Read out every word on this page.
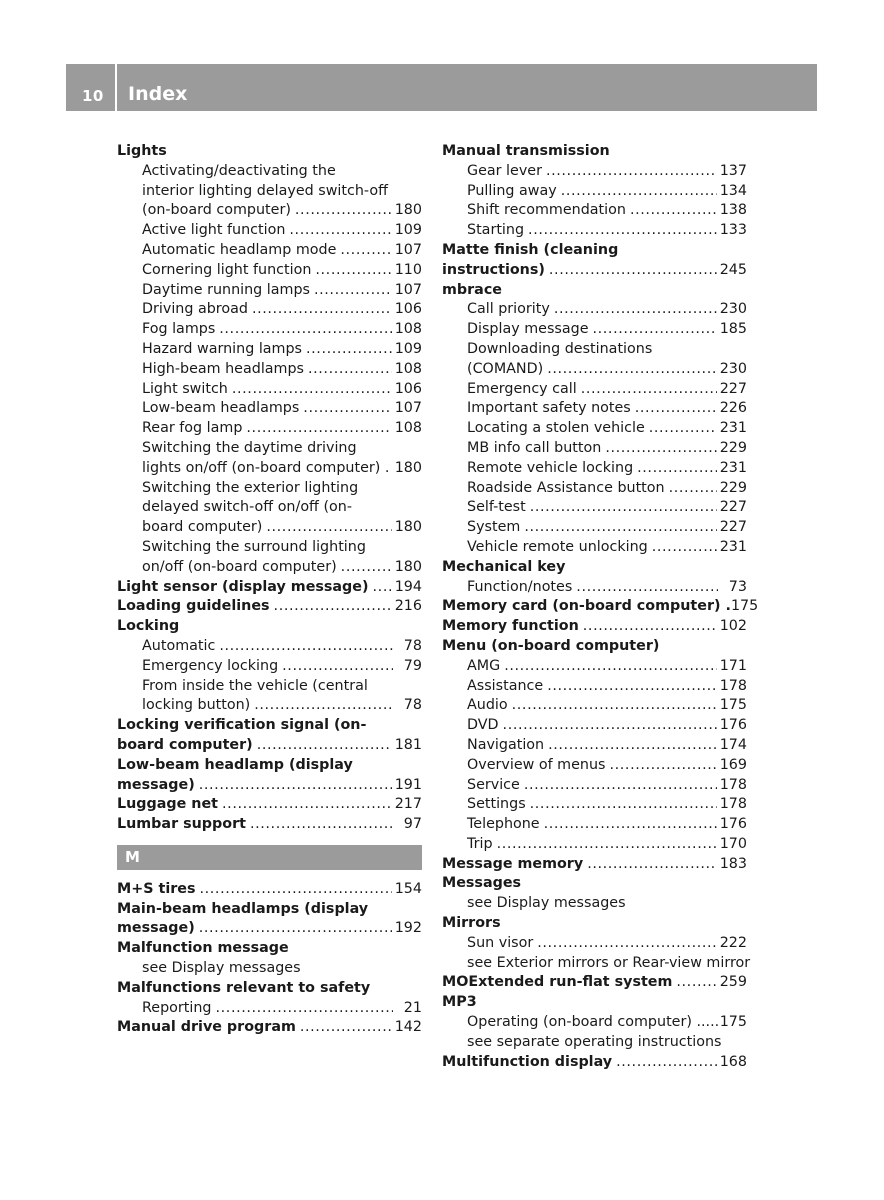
10 Index
Lights
Activating/deactivating the
interior lighting delayed switch-off
(on-board computer) .....	180
Active light function .....	109
Automatic headlamp mode .....	107
Cornering light function .....	110
Daytime running lamps .....	107
Driving abroad .....	106
Fog lamps .....	108
Hazard warning lamps .....	109
High-beam headlamps .....	108
Light switch .....	106
Low-beam headlamps .....	107
Rear fog lamp .....	108
Switching the daytime driving
lights on/off (on-board computer) . 180
Switching the exterior lighting
delayed switch-off on/off (on-
board computer) .....	180
Switching the surround lighting
on/off (on-board computer) .....	180
Light sensor (display message) ..... 194
Loading guidelines .....	216
Locking
Automatic .....	78
Emergency locking .....	79
From inside the vehicle (central
locking button) .....	78
Locking verification signal (on-
board computer) .....	181
Low-beam headlamp (display
message) .....	191
Luggage net .....	217
Lumbar support .....	97
M
M+S tires .....	154
Main-beam headlamps (display
message) .....	192
Malfunction message
see Display messages
Malfunctions relevant to safety
Reporting .....	21
Manual drive program .....	142
Manual transmission
Gear lever .....	137
Pulling away .....	134
Shift recommendation .....	138
Starting .....	133
Matte finish (cleaning
instructions) .....	245
mbrace
Call priority .....	230
Display message .....	185
Downloading destinations
(COMAND) .....	230
Emergency call .....	227
Important safety notes .....	226
Locating a stolen vehicle .....	231
MB info call button .....	229
Remote vehicle locking .....	231
Roadside Assistance button .....	229
Self-test .....	227
System .....	227
Vehicle remote unlocking .....	231
Mechanical key
Function/notes .....	73
Memory card (on-board computer) . 175
Memory function .....	102
Menu (on-board computer)
AMG .....	171
Assistance .....	178
Audio .....	175
DVD .....	176
Navigation .....	174
Overview of menus .....	169
Service .....	178
Settings .....	178
Telephone .....	176
Trip .....	170
Message memory .....	183
Messages
see Display messages
Mirrors
Sun visor .....	222
see Exterior mirrors or Rear-view mirror
MOExtended run-flat system .....	259
MP3
Operating (on-board computer) ..... 175
see separate operating instructions
Multifunction display .....	168
